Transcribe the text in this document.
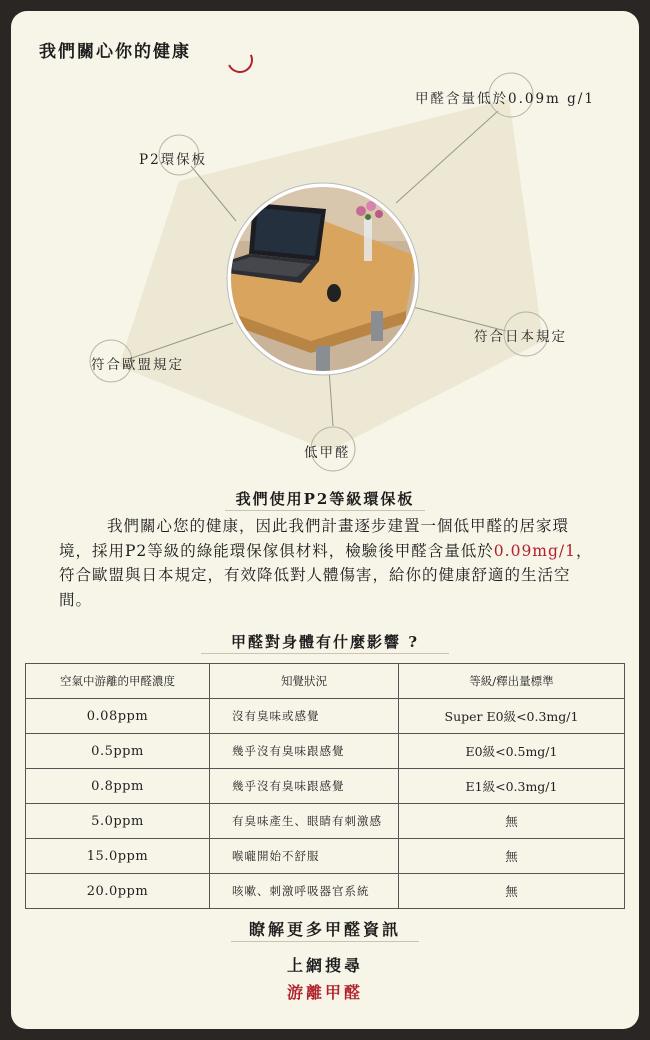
我們關心你的健康
甲醛含量低於0.09m g/1
P2環保板
符合日本規定
符合歐盟規定
低甲醛
我們使用P2等級環保板
我們關心您的健康，因此我們計畫逐步建置一個低甲醛的居家環境，採用P2等級的綠能環保傢俱材料，檢驗後甲醛含量低於0.09mg/1，符合歐盟與日本規定，有效降低對人體傷害，給你的健康舒適的生活空間。
甲醛對身體有什麼影響 ?
空氣中游離的甲醛濃度	知覺狀況	等級/釋出量標準
0.08ppm	沒有臭味或感覺	Super E0級<0.3mg/1
0.5ppm	幾乎沒有臭味跟感覺	E0級<0.5mg/1
0.8ppm	幾乎沒有臭味跟感覺	E1級<0.3mg/1
5.0ppm	有臭味產生、眼睛有刺激感	無
15.0ppm	喉嚨開始不舒服	無
20.0ppm	咳嗽、刺激呼吸器官系統	無
瞭解更多甲醛資訊
上網搜尋
游離甲醛
